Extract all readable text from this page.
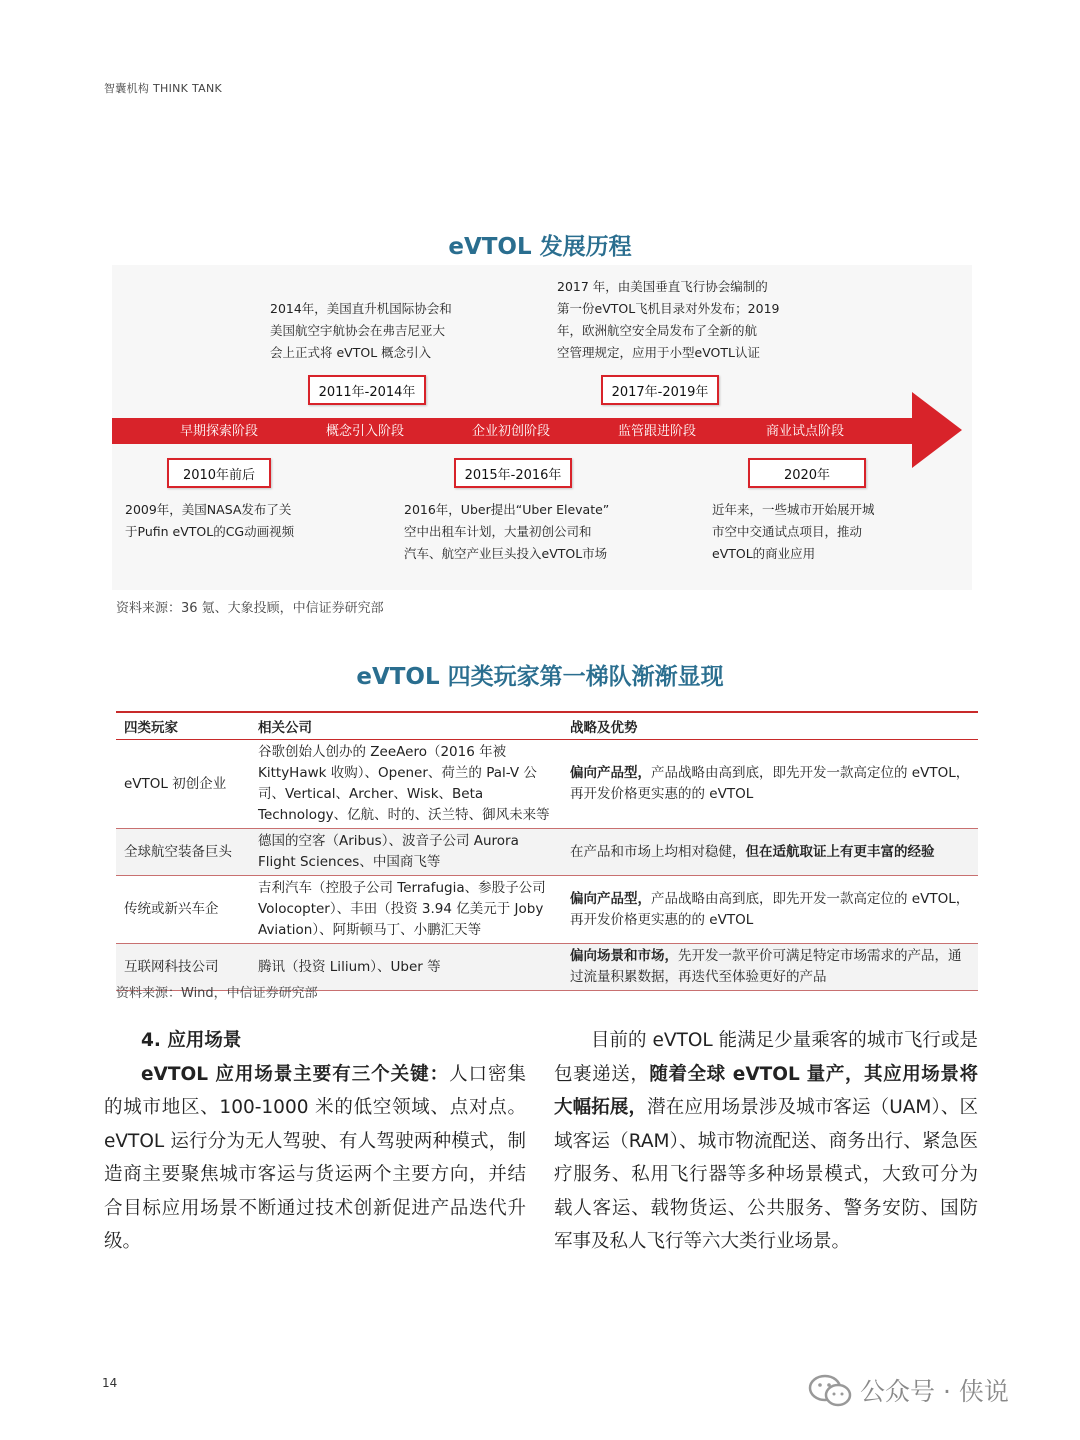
智囊机构 THINK TANK
eVTOL 发展历程
早期探索阶段	概念引入阶段	企业初创阶段	监管跟进阶段	商业试点阶段
2014年，美国直升机国际协会和
美国航空宇航协会在弗吉尼亚大
会上正式将 eVTOL 概念引入
2011年-2014年
2017 年，由美国垂直飞行协会编制的
第一份eVTOL飞机目录对外发布；2019
年，欧洲航空安全局发布了全新的航
空管理规定，应用于小型eVOTL认证
2017年-2019年
2010年前后
2009年，美国NASA发布了关
于Pufin eVTOL的CG动画视频
2015年-2016年
2016年，Uber提出“Uber Elevate”
空中出租车计划，大量初创公司和
汽车、航空产业巨头投入eVTOL市场
2020年
近年来，一些城市开始展开城
市空中交通试点项目，推动
eVTOL的商业应用
资料来源：36 氪、大象投顾，中信证券研究部
eVTOL 四类玩家第一梯队渐渐显现
四类玩家	相关公司	战略及优势
eVTOL 初创企业	谷歌创始人创办的 ZeeAero（2016 年被 KittyHawk 收购）、Opener、荷兰的 Pal-V 公司、Vertical、Archer、Wisk、Beta Technology、亿航、时的、沃兰特、御风未来等	偏向产品型，产品战略由高到底，即先开发一款高定位的 eVTOL，再开发价格更实惠的的 eVTOL
全球航空装备巨头	德国的空客（Aribus）、波音子公司 Aurora Flight Sciences、中国商飞等	在产品和市场上均相对稳健，但在适航取证上有更丰富的经验
传统或新兴车企	吉利汽车（控股子公司 Terrafugia、参股子公司 Volocopter）、丰田（投资 3.94 亿美元于 Joby Aviation）、阿斯顿马丁、小鹏汇天等	偏向产品型，产品战略由高到底，即先开发一款高定位的 eVTOL，再开发价格更实惠的的 eVTOL
互联网科技公司	腾讯（投资 Lilium）、Uber 等	偏向场景和市场，先开发一款平价可满足特定市场需求的产品，通过流量积累数据，再迭代至体验更好的产品
资料来源：Wind，中信证券研究部

4. 应用场景

eVTOL 应用场景主要有三个关键：人口密集的城市地区、100-1000 米的低空领域、点对点。eVTOL 运行分为无人驾驶、有人驾驶两种模式，制造商主要聚焦城市客运与货运两个主要方向，并结合目标应用场景不断通过技术创新促进产品迭代升级。

目前的 eVTOL 能满足少量乘客的城市飞行或是包裹递送，随着全球 eVTOL 量产，其应用场景将大幅拓展，潜在应用场景涉及城市客运（UAM）、区域客运（RAM）、城市物流配送、商务出行、紧急医疗服务、私用飞行器等多种场景模式，大致可分为载人客运、载物货运、公共服务、警务安防、国防军事及私人飞行等六大类行业场景。

14	公众号 · 侠说
